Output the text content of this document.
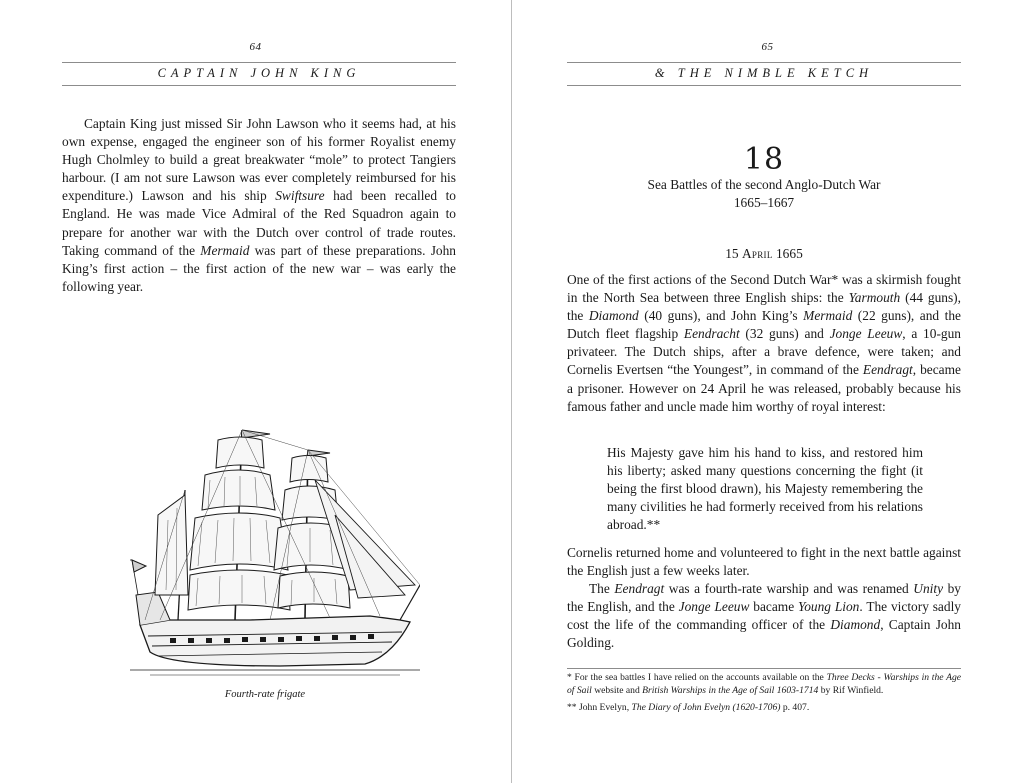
64
CAPTAIN JOHN KING

Captain King just missed Sir John Lawson who it seems had, at his own expense, engaged the engineer son of his former Royalist enemy Hugh Cholmley to build a great breakwater “mole” to protect Tangiers harbour. (I am not sure Lawson was ever completely reimbursed for his expenditure.) Lawson and his ship Swiftsure had been recalled to England. He was made Vice Admiral of the Red Squadron again to prepare for another war with the Dutch over control of trade routes. Taking command of the Mermaid was part of these preparations. John King’s first action – the first action of the new war – was early the following year.

Fourth-rate frigate
65
& THE NIMBLE KETCH
18
Sea Battles of the second Anglo-Dutch War
1665–1667
15 April 1665

One of the first actions of the Second Dutch War* was a skirmish fought in the North Sea between three English ships: the Yarmouth (44 guns), the Diamond (40 guns), and John King’s Mermaid (22 guns), and the Dutch fleet flagship Eendracht (32 guns) and Jonge Leeuw, a 10-gun privateer. The Dutch ships, after a brave defence, were taken; and Cornelis Evertsen “the Youngest”, in command of the Eendragt, became a prisoner. However on 24 April he was released, probably because his famous father and uncle made him worthy of royal interest:

His Majesty gave him his hand to kiss, and restored him his liberty; asked many questions concerning the fight (it being the first blood drawn), his Majesty remembering the many civilities he had formerly received from his relations abroad.**

Cornelis returned home and volunteered to fight in the next battle against the English just a few weeks later.

The Eendragt was a fourth-rate warship and was renamed Unity by the English, and the Jonge Leeuw bacame Young Lion. The victory sadly cost the life of the commanding officer of the Diamond, Captain John Golding.

* For the sea battles I have relied on the accounts available on the Three Decks - Warships in the Age of Sail website and British Warships in the Age of Sail 1603-1714 by Rif Winfield.

** John Evelyn, The Diary of John Evelyn (1620-1706) p. 407.
